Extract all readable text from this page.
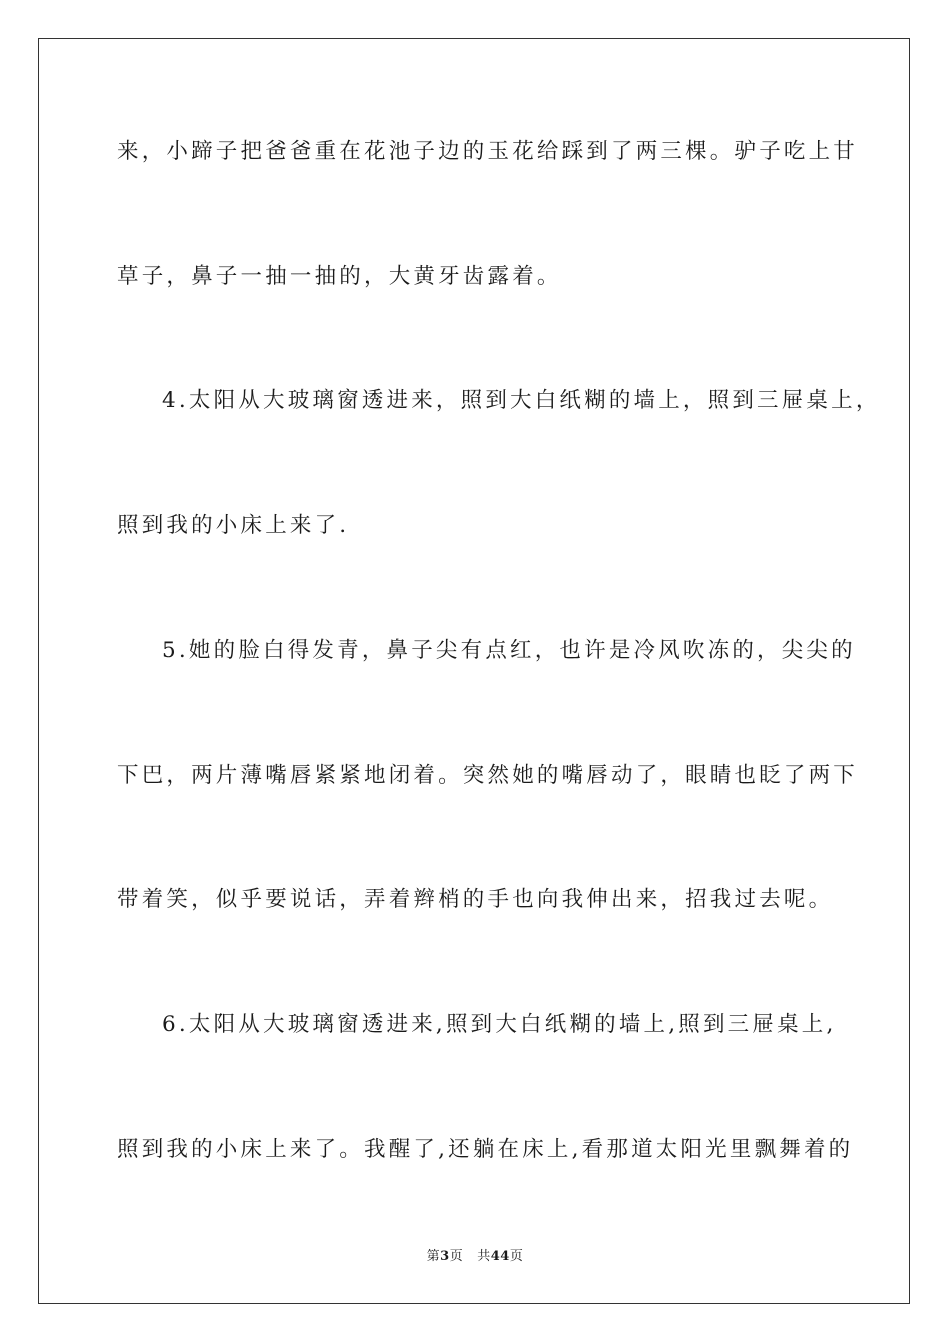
来，小蹄子把爸爸重在花池子边的玉花给踩到了两三棵。驴子吃上甘
草子，鼻子一抽一抽的，大黄牙齿露着。
4.太阳从大玻璃窗透进来，照到大白纸糊的墙上，照到三屉桌上，
照到我的小床上来了.
5.她的脸白得发青，鼻子尖有点红，也许是冷风吹冻的，尖尖的
下巴，两片薄嘴唇紧紧地闭着。突然她的嘴唇动了，眼睛也眨了两下
带着笑，似乎要说话，弄着辫梢的手也向我伸出来，招我过去呢。
6.太阳从大玻璃窗透进来,照到大白纸糊的墙上,照到三屉桌上,
照到我的小床上来了。我醒了,还躺在床上,看那道太阳光里飘舞着的
第3页 共44页
